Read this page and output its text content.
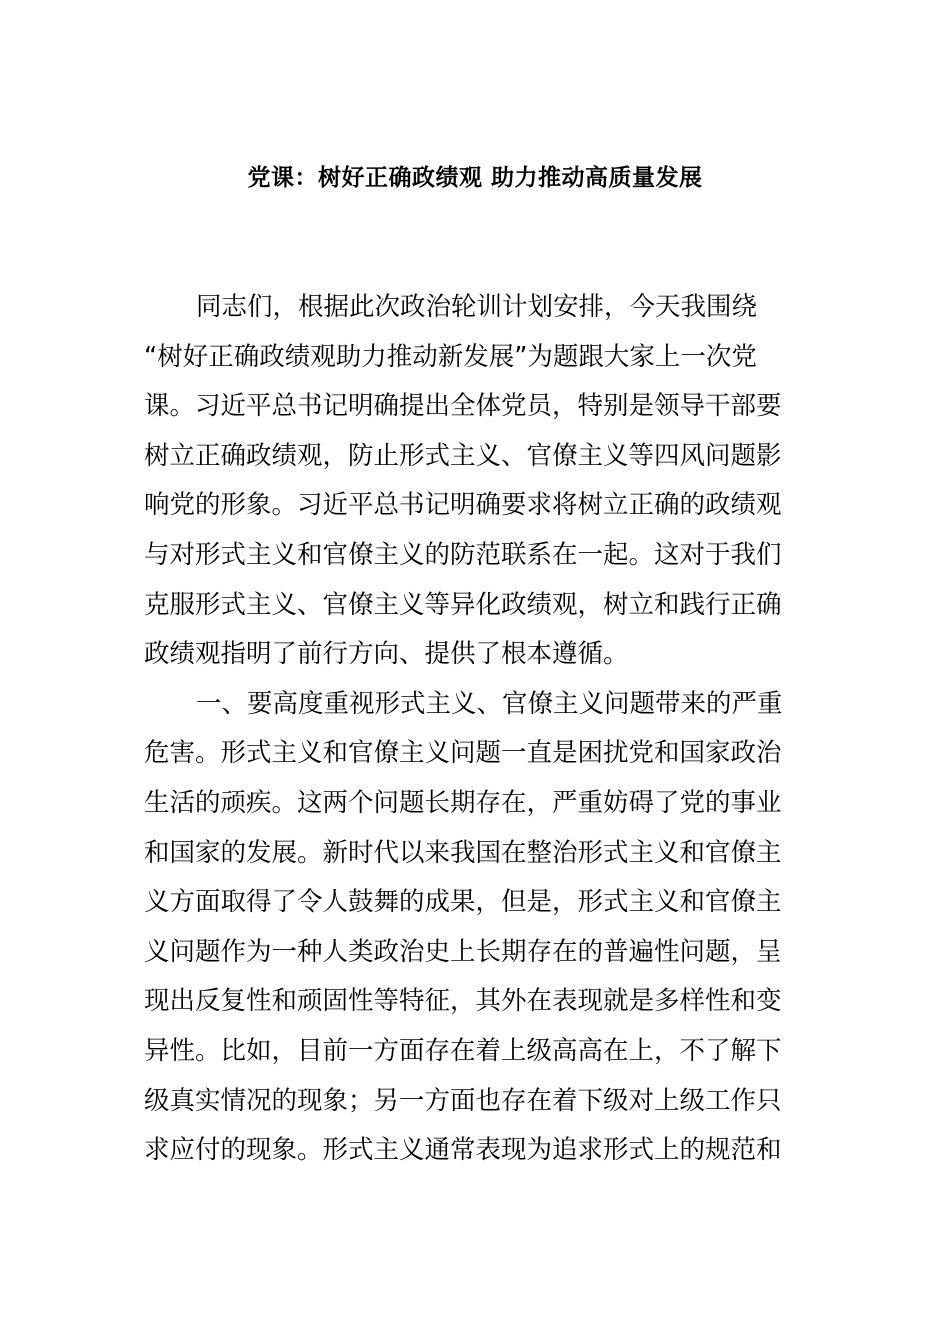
党课：树好正确政绩观 助力推动高质量发展
同志们，根据此次政治轮训计划安排，今天我围绕
“树好正确政绩观助力推动新发展”为题跟大家上一次党
课。习近平总书记明确提出全体党员，特别是领导干部要
树立正确政绩观，防止形式主义、官僚主义等四风问题影
响党的形象。习近平总书记明确要求将树立正确的政绩观
与对形式主义和官僚主义的防范联系在一起。这对于我们
克服形式主义、官僚主义等异化政绩观，树立和践行正确
政绩观指明了前行方向、提供了根本遵循。
一、要高度重视形式主义、官僚主义问题带来的严重
危害。形式主义和官僚主义问题一直是困扰党和国家政治
生活的顽疾。这两个问题长期存在，严重妨碍了党的事业
和国家的发展。新时代以来我国在整治形式主义和官僚主
义方面取得了令人鼓舞的成果，但是，形式主义和官僚主
义问题作为一种人类政治史上长期存在的普遍性问题，呈
现出反复性和顽固性等特征，其外在表现就是多样性和变
异性。比如，目前一方面存在着上级高高在上，不了解下
级真实情况的现象；另一方面也存在着下级对上级工作只
求应付的现象。形式主义通常表现为追求形式上的规范和
